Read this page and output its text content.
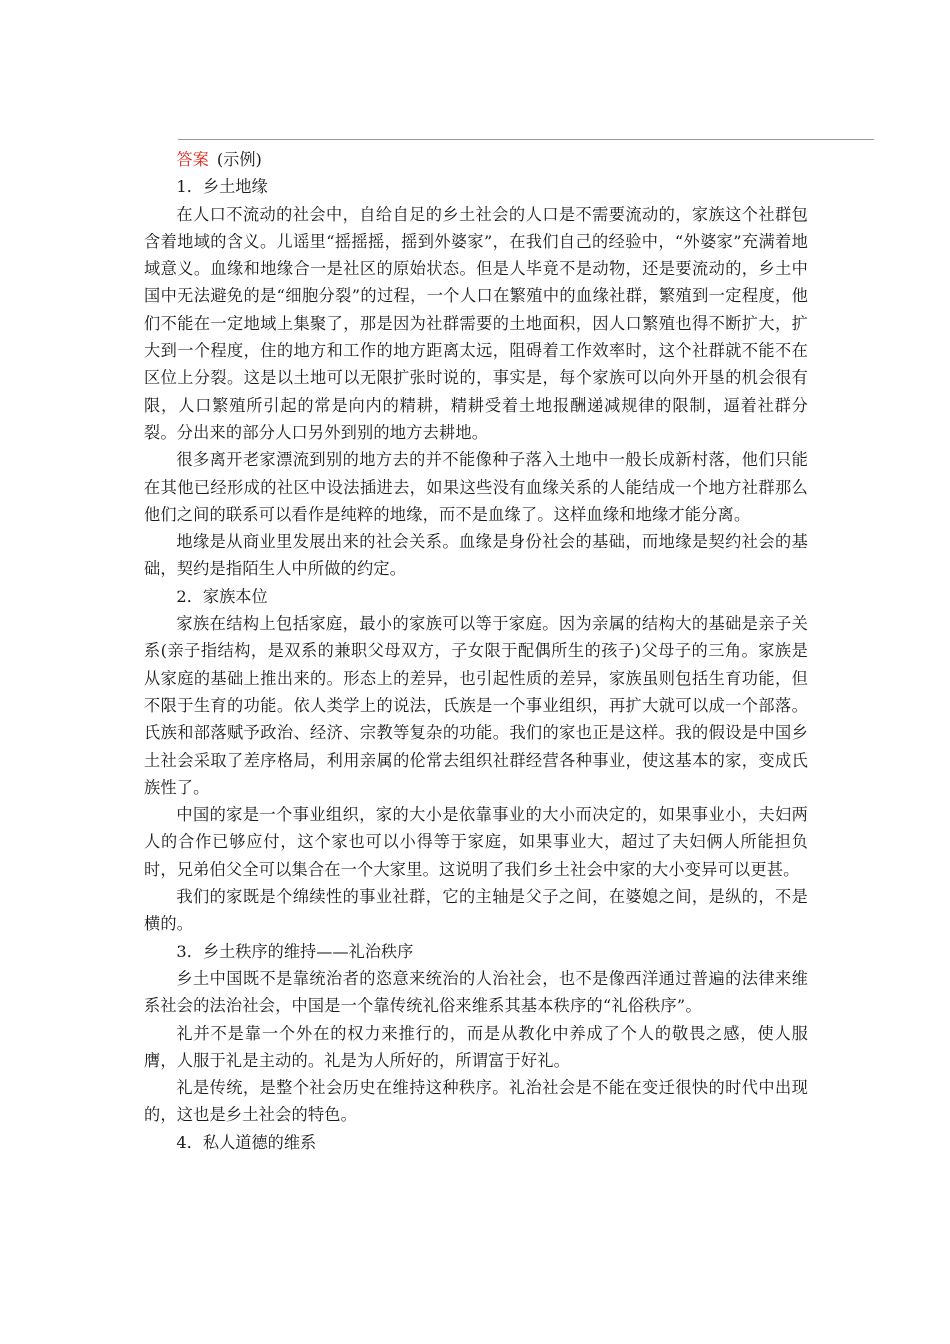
答案 (示例)

1．乡土地缘

在人口不流动的社会中，自给自足的乡土社会的人口是不需要流动的，家族这个社群包含着地域的含义。儿谣里“摇摇摇，摇到外婆家”，在我们自己的经验中，“外婆家”充满着地域意义。血缘和地缘合一是社区的原始状态。但是人毕竟不是动物，还是要流动的，乡土中国中无法避免的是“细胞分裂”的过程，一个人口在繁殖中的血缘社群，繁殖到一定程度，他们不能在一定地域上集聚了，那是因为社群需要的土地面积，因人口繁殖也得不断扩大，扩大到一个程度，住的地方和工作的地方距离太远，阻碍着工作效率时，这个社群就不能不在区位上分裂。这是以土地可以无限扩张时说的，事实是，每个家族可以向外开垦的机会很有限，人口繁殖所引起的常是向内的精耕，精耕受着土地报酬递减规律的限制，逼着社群分裂。分出来的部分人口另外到别的地方去耕地。

很多离开老家漂流到别的地方去的并不能像种子落入土地中一般长成新村落，他们只能在其他已经形成的社区中设法插进去，如果这些没有血缘关系的人能结成一个地方社群那么他们之间的联系可以看作是纯粹的地缘，而不是血缘了。这样血缘和地缘才能分离。

地缘是从商业里发展出来的社会关系。血缘是身份社会的基础，而地缘是契约社会的基础，契约是指陌生人中所做的约定。

2．家族本位

家族在结构上包括家庭，最小的家族可以等于家庭。因为亲属的结构大的基础是亲子关系(亲子指结构，是双系的兼职父母双方，子女限于配偶所生的孩子)父母子的三角。家族是从家庭的基础上推出来的。形态上的差异，也引起性质的差异，家族虽则包括生育功能，但不限于生育的功能。依人类学上的说法，氏族是一个事业组织，再扩大就可以成一个部落。氏族和部落赋予政治、经济、宗教等复杂的功能。我们的家也正是这样。我的假设是中国乡土社会采取了差序格局，利用亲属的伦常去组织社群经营各种事业，使这基本的家，变成氏族性了。

中国的家是一个事业组织，家的大小是依靠事业的大小而决定的，如果事业小，夫妇两人的合作已够应付，这个家也可以小得等于家庭，如果事业大，超过了夫妇俩人所能担负时，兄弟伯父全可以集合在一个大家里。这说明了我们乡土社会中家的大小变异可以更甚。

我们的家既是个绵续性的事业社群，它的主轴是父子之间，在婆媳之间，是纵的，不是横的。

3．乡土秩序的维持——礼治秩序

乡土中国既不是靠统治者的恣意来统治的人治社会，也不是像西洋通过普遍的法律来维系社会的法治社会，中国是一个靠传统礼俗来维系其基本秩序的“礼俗秩序”。

礼并不是靠一个外在的权力来推行的，而是从教化中养成了个人的敬畏之感，使人服膺，人服于礼是主动的。礼是为人所好的，所谓富于好礼。

礼是传统，是整个社会历史在维持这种秩序。礼治社会是不能在变迁很快的时代中出现的，这也是乡土社会的特色。

4．私人道德的维系
